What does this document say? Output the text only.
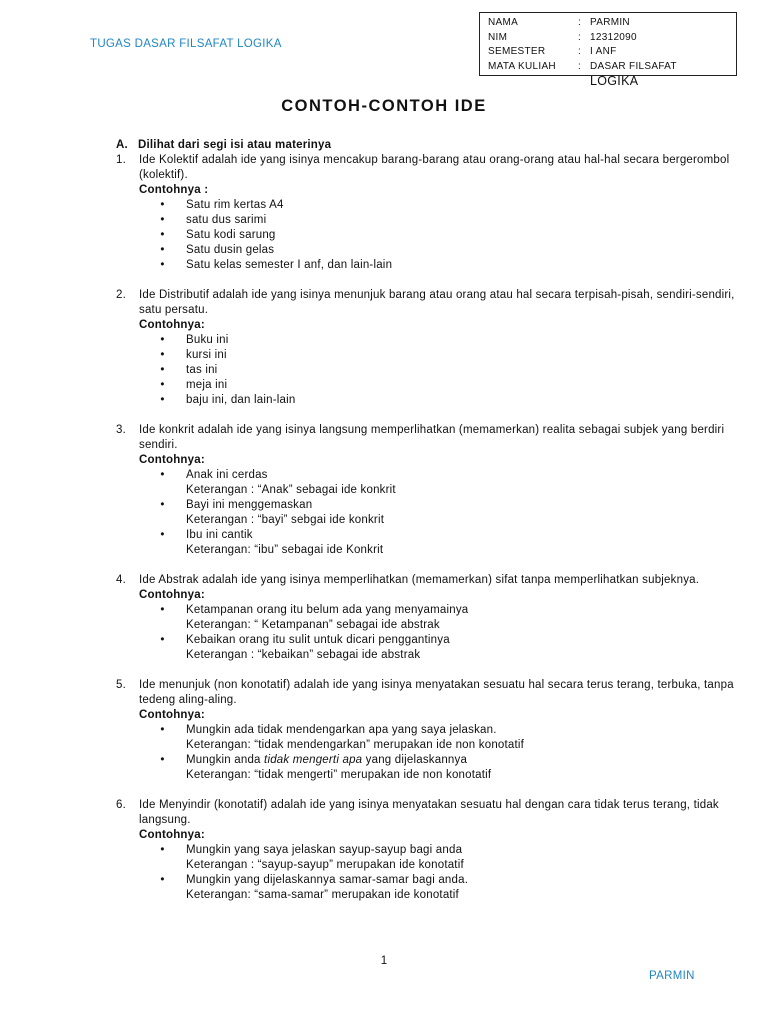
TUGAS DASAR FILSAFAT LOGIKA
NAMA	: PARMIN
NIM	: 12312090
SEMESTER	: I ANF
MATA KULIAH	: DASAR FILSAFAT LOGIKA
CONTOH-CONTOH IDE
A. Dilihat dari segi isi atau materinya
1.	Ide Kolektif adalah ide yang isinya mencakup barang-barang atau orang-orang atau hal-hal secara bergerombol (kolektif).
Contohnya :
•	Satu rim kertas A4
•	satu dus sarimi
•	Satu kodi sarung
•	Satu dusin gelas
•	Satu kelas semester I anf, dan lain-lain
2.	Ide Distributif adalah ide yang isinya menunjuk barang atau orang atau hal secara terpisah-pisah, sendiri-sendiri, satu persatu.
Contohnya:
•	Buku ini
•	kursi ini
•	tas ini
•	meja ini
•	baju ini, dan lain-lain
3.	Ide konkrit adalah ide yang isinya langsung memperlihatkan (memamerkan) realita sebagai subjek yang berdiri sendiri.
Contohnya:
•	Anak ini cerdas
Keterangan : “Anak” sebagai ide konkrit
•	Bayi ini menggemaskan
Keterangan : “bayi” sebgai ide konkrit
•	Ibu ini cantik
Keterangan: “ibu” sebagai ide Konkrit
4.	Ide Abstrak adalah ide yang isinya memperlihatkan (memamerkan) sifat tanpa memperlihatkan subjeknya.
Contohnya:
•	Ketampanan orang itu belum ada yang menyamainya
Keterangan: “ Ketampanan” sebagai ide abstrak
•	Kebaikan orang itu sulit untuk dicari penggantinya
Keterangan : “kebaikan” sebagai ide abstrak
5.	Ide menunjuk (non konotatif) adalah ide yang isinya menyatakan sesuatu hal secara terus terang, terbuka, tanpa tedeng aling-aling.
Contohnya:
•	Mungkin ada tidak mendengarkan apa yang saya jelaskan.
Keterangan: “tidak mendengarkan” merupakan ide non konotatif
•	Mungkin anda tidak mengerti apa yang dijelaskannya
Keterangan: “tidak mengerti” merupakan ide non konotatif
6.	Ide Menyindir (konotatif) adalah ide yang isinya menyatakan sesuatu hal dengan cara tidak terus terang, tidak langsung.
Contohnya:
•	Mungkin yang saya jelaskan sayup-sayup bagi anda
Keterangan : “sayup-sayup” merupakan ide konotatif
•	Mungkin yang dijelaskannya samar-samar bagi anda.
Keterangan: “sama-samar” merupakan ide konotatif
1
PARMIN
